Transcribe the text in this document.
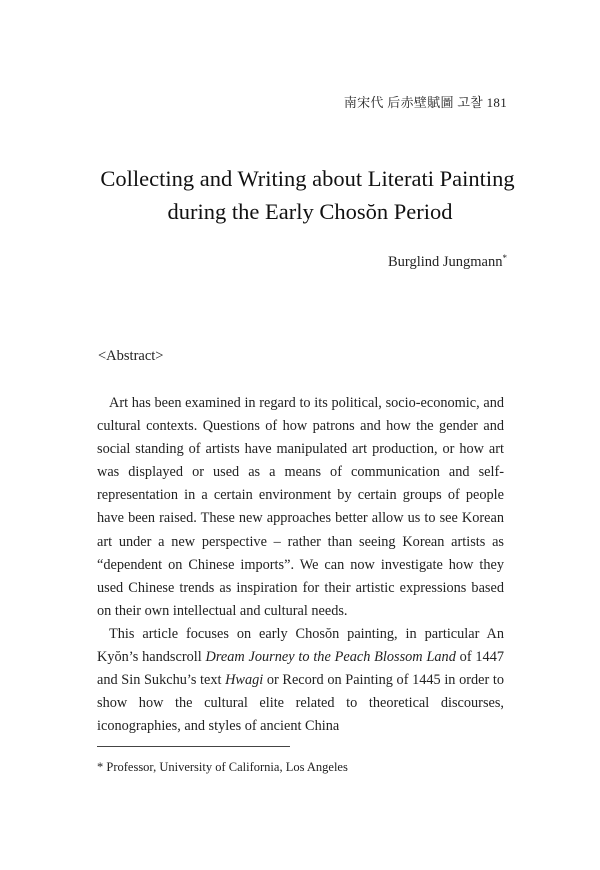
南宋代 后赤壁賦圖 고찰 181
Collecting and Writing about Literati Painting
during the Early Chosŏn Period
Burglind Jungmann*
<Abstract>

Art has been examined in regard to its political, socio-economic, and cultural contexts. Questions of how patrons and how the gender and social standing of artists have manipulated art production, or how art was displayed or used as a means of communication and self-representation in a certain environment by certain groups of people have been raised. These new approaches better allow us to see Korean art under a new perspective – rather than seeing Korean artists as “dependent on Chinese imports”. We can now investigate how they used Chinese trends as inspiration for their artistic expressions based on their own intellectual and cultural needs.

This article focuses on early Chosŏn painting, in particular An Kyŏn’s handscroll Dream Journey to the Peach Blossom Land of 1447 and Sin Sukchu’s text Hwagi or Record on Painting of 1445 in order to show how the cultural elite related to theoretical discourses, iconographies, and styles of ancient China

* Professor, University of California, Los Angeles
